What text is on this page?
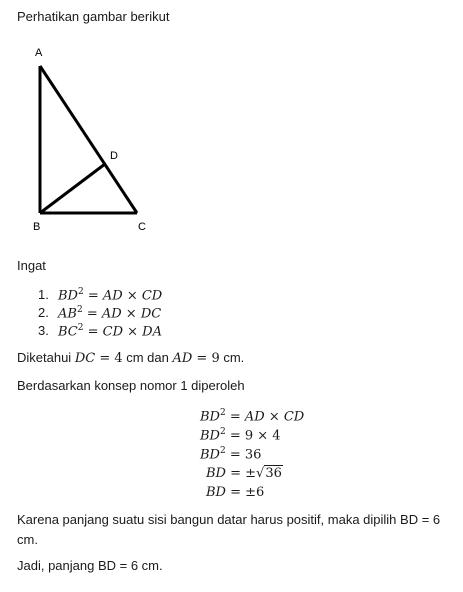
Perhatikan gambar berikut
A
B	C
D
Ingat
1. $BD^2$ = AD × CD
2. $AB^2$ = AD × DC
3. $BC^2$ = CD × DA
Diketahui DC = 4 cm dan AD = 9 cm.
Berdasarkan konsep nomor 1 diperoleh
$BD^2$ = AD × CD
$BD^2 = 9 \times 4$
$BD^2 = 36$
BD = ±√36
BD = ±6
Karena panjang suatu sisi bangun datar harus positif, maka dipilih BD = 6 cm.
Jadi, panjang BD = 6 cm.
